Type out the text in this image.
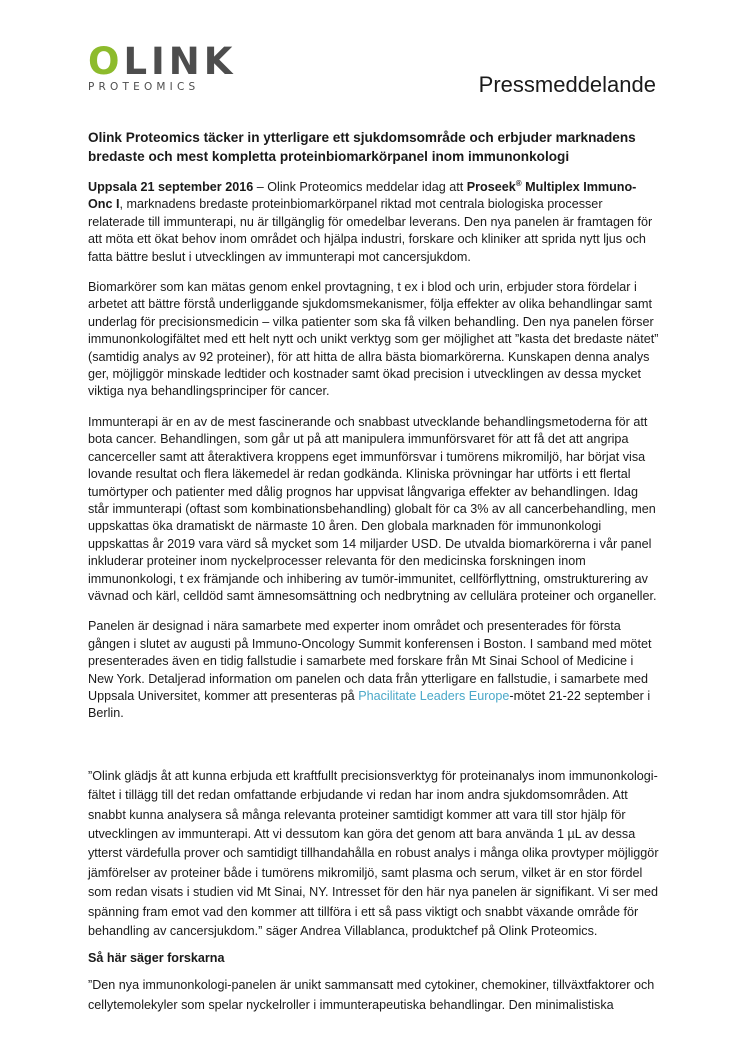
OLINK
PROTEOMICS	Pressmeddelande
Olink Proteomics täcker in ytterligare ett sjukdomsområde och erbjuder marknadens bredaste och mest kompletta proteinbiomarkörpanel inom immunonkologi

Uppsala 21 september 2016 – Olink Proteomics meddelar idag att Proseek® Multiplex Immuno-Onc I, marknadens bredaste proteinbiomarkörpanel riktad mot centrala biologiska processer relaterade till immunterapi, nu är tillgänglig för omedelbar leverans. Den nya panelen är framtagen för att möta ett ökat behov inom området och hjälpa industri, forskare och kliniker att sprida nytt ljus och fatta bättre beslut i utvecklingen av immunterapi mot cancersjukdom.

Biomarkörer som kan mätas genom enkel provtagning, t ex i blod och urin, erbjuder stora fördelar i arbetet att bättre förstå underliggande sjukdomsmekanismer, följa effekter av olika behandlingar samt underlag för precisionsmedicin – vilka patienter som ska få vilken behandling. Den nya panelen förser immunonkologifältet med ett helt nytt och unikt verktyg som ger möjlighet att ”kasta det bredaste nätet” (samtidig analys av 92 proteiner), för att hitta de allra bästa biomarkörerna. Kunskapen denna analys ger, möjliggör minskade ledtider och kostnader samt ökad precision i utvecklingen av dessa mycket viktiga nya behandlingsprinciper för cancer.

Immunterapi är en av de mest fascinerande och snabbast utvecklande behandlingsmetoderna för att bota cancer. Behandlingen, som går ut på att manipulera immunförsvaret för att få det att angripa cancerceller samt att återaktivera kroppens eget immunförsvar i tumörens mikromiljö, har börjat visa lovande resultat och flera läkemedel är redan godkända. Kliniska prövningar har utförts i ett flertal tumörtyper och patienter med dålig prognos har uppvisat långvariga effekter av behandlingen. Idag står immunterapi (oftast som kombinationsbehandling) globalt för ca 3% av all cancerbehandling, men uppskattas öka dramatiskt de närmaste 10 åren. Den globala marknaden för immunonkologi uppskattas år 2019 vara värd så mycket som 14 miljarder USD. De utvalda biomarkörerna i vår panel inkluderar proteiner inom nyckelprocesser relevanta för den medicinska forskningen inom immunonkologi, t ex främjande och inhibering av tumör-immunitet, cellförflyttning, omstrukturering av vävnad och kärl, celldöd samt ämnesomsättning och nedbrytning av cellulära proteiner och organeller.

Panelen är designad i nära samarbete med experter inom området och presenterades för första gången i slutet av augusti på Immuno-Oncology Summit konferensen i Boston. I samband med mötet presenterades även en tidig fallstudie i samarbete med forskare från Mt Sinai School of Medicine i New York. Detaljerad information om panelen och data från ytterligare en fallstudie, i samarbete med Uppsala Universitet, kommer att presenteras på Phacilitate Leaders Europe-mötet 21-22 september i Berlin.

”Olink glädjs åt att kunna erbjuda ett kraftfullt precisionsverktyg för proteinanalys inom immunonkologi-fältet i tillägg till det redan omfattande erbjudande vi redan har inom andra sjukdomsområden. Att snabbt kunna analysera så många relevanta proteiner samtidigt kommer att vara till stor hjälp för utvecklingen av immunterapi. Att vi dessutom kan göra det genom att bara använda 1 µL av dessa ytterst värdefulla prover och samtidigt tillhandahålla en robust analys i många olika provtyper möjliggör jämförelser av proteiner både i tumörens mikromiljö, samt plasma och serum, vilket är en stor fördel som redan visats i studien vid Mt Sinai, NY. Intresset för den här nya panelen är signifikant. Vi ser med spänning fram emot vad den kommer att tillföra i ett så pass viktigt och snabbt växande område för behandling av cancersjukdom.” säger Andrea Villablanca, produktchef på Olink Proteomics.

Så här säger forskarna

”Den nya immunonkologi-panelen är unikt sammansatt med cytokiner, chemokiner, tillväxtfaktorer och cellytemolekyler som spelar nyckelroller i immunterapeutiska behandlingar. Den minimalistiska
